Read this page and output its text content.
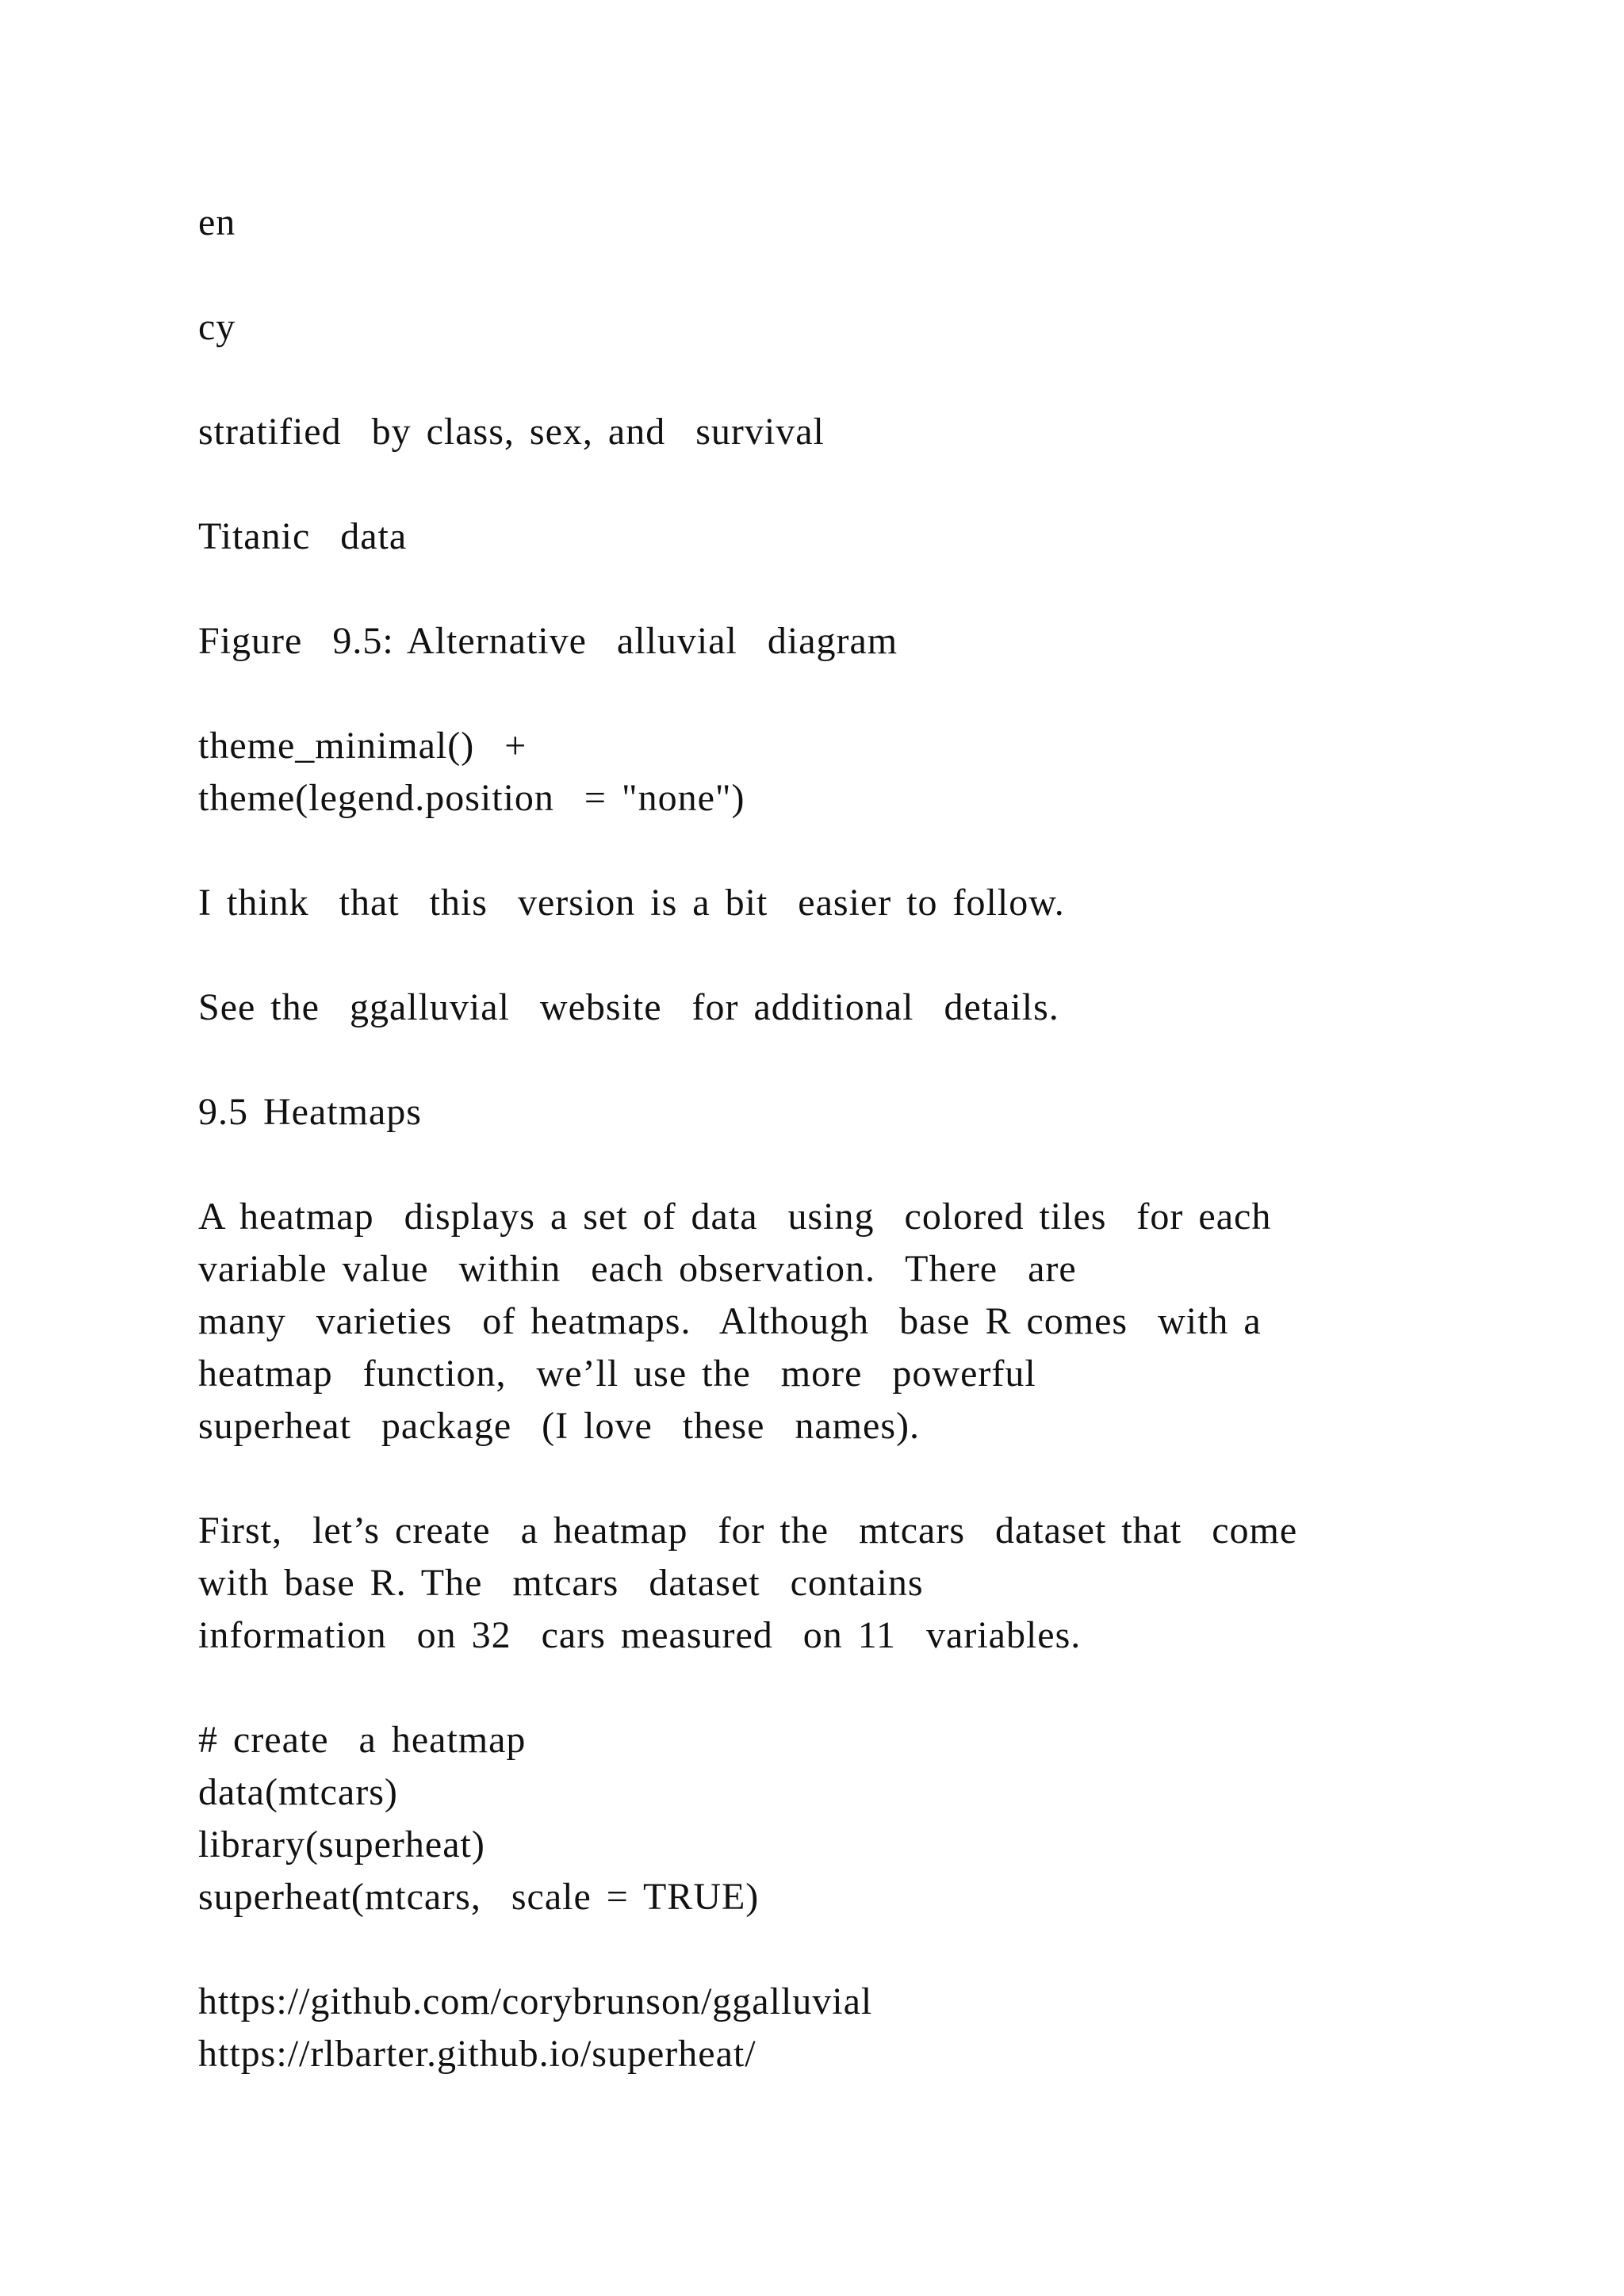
en

cy

stratified  by class, sex, and  survival

Titanic  data

Figure  9.5: Alternative  alluvial  diagram

theme_minimal()  +

theme(legend.position  = "none")

I think  that  this  version is a bit  easier to follow.

See the  ggalluvial  website  for additional  details.

9.5 Heatmaps

A heatmap  displays a set of data  using  colored tiles  for each

variable value  within  each observation.  There  are

many  varieties  of heatmaps.  Although  base R comes  with a

heatmap  function,  we’ll use the  more  powerful

superheat  package  (I love  these  names).

First,  let’s create  a heatmap  for the  mtcars  dataset that  come

with base R. The  mtcars  dataset  contains

information  on 32  cars measured  on 11  variables.

# create  a heatmap

data(mtcars)

library(superheat)

superheat(mtcars,  scale = TRUE)

https://github.com/corybrunson/ggalluvial

https://rlbarter.github.io/superheat/
